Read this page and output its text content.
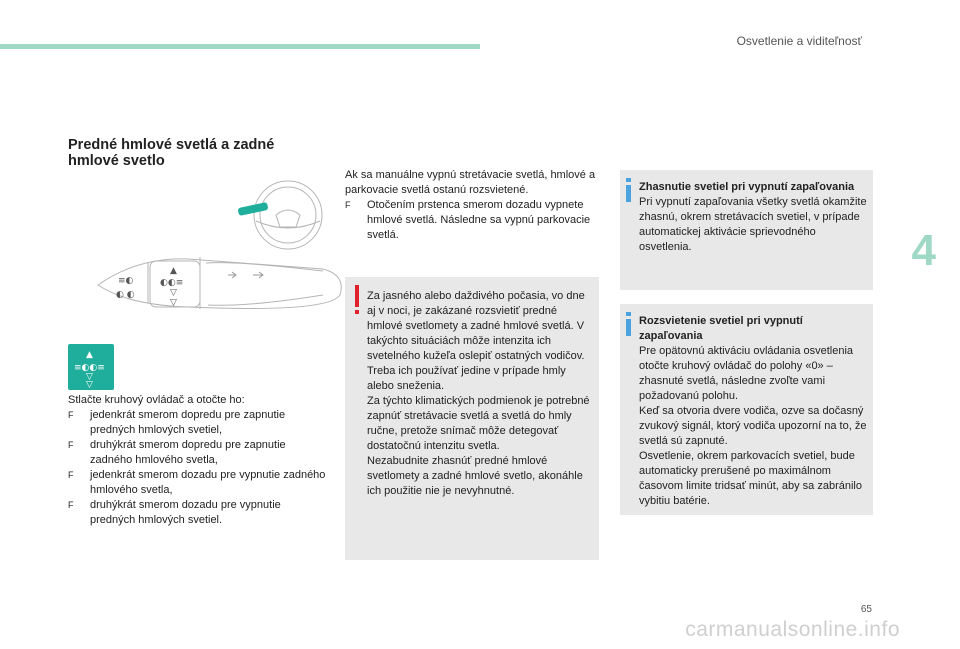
Osvetlenie a viditeľnosť
4
Predné hmlové svetlá a zadné
hmlové svetlo
▲
◐◐≡
▽
▽
≡◐
◐ ◐
▲
≡◐◐≡
▽
▽
Stlačte kruhový ovládač a otočte ho:
F jedenkrát smerom dopredu pre zapnutie predných hmlových svetiel,
F druhýkrát smerom dopredu pre zapnutie zadného hmlového svetla,
F jedenkrát smerom dozadu pre vypnutie zadného hmlového svetla,
F druhýkrát smerom dozadu pre vypnutie predných hmlových svetiel.
Ak sa manuálne vypnú stretávacie svetlá, hmlové a parkovacie svetlá ostanú rozsvietené.
F Otočením prstenca smerom dozadu vypnete hmlové svetlá. Následne sa vypnú parkovacie svetlá.
Za jasného alebo daždivého počasia, vo dne aj v noci, je zakázané rozsvietiť predné hmlové svetlomety a zadné hmlové svetlá. V takýchto situáciách môže intenzita ich svetelného kužeľa oslepiť ostatných vodičov. Treba ich používať jedine v prípade hmly alebo sneženia.
Za týchto klimatických podmienok je potrebné zapnúť stretávacie svetlá a svetlá do hmly ručne, pretože snímač môže detegovať dostatočnú intenzitu svetla.
Nezabudnite zhasnúť predné hmlové svetlomety a zadné hmlové svetlo, akonáhle ich použitie nie je nevyhnutné.
Zhasnutie svetiel pri vypnutí zapaľovania
Pri vypnutí zapaľovania všetky svetlá okamžite zhasnú, okrem stretávacích svetiel, v prípade automatickej aktivácie sprievodného osvetlenia.
Rozsvietenie svetiel pri vypnutí zapaľovania
Pre opätovnú aktiváciu ovládania osvetlenia otočte kruhový ovládač do polohy «0» – zhasnuté svetlá, následne zvoľte vami požadovanú polohu.
Keď sa otvoria dvere vodiča, ozve sa dočasný zvukový signál, ktorý vodiča upozorní na to, že svetlá sú zapnuté.
Osvetlenie, okrem parkovacích svetiel, bude automaticky prerušené po maximálnom časovom limite tridsať minút, aby sa zabránilo vybitiu batérie.
65
carmanualsonline.info
